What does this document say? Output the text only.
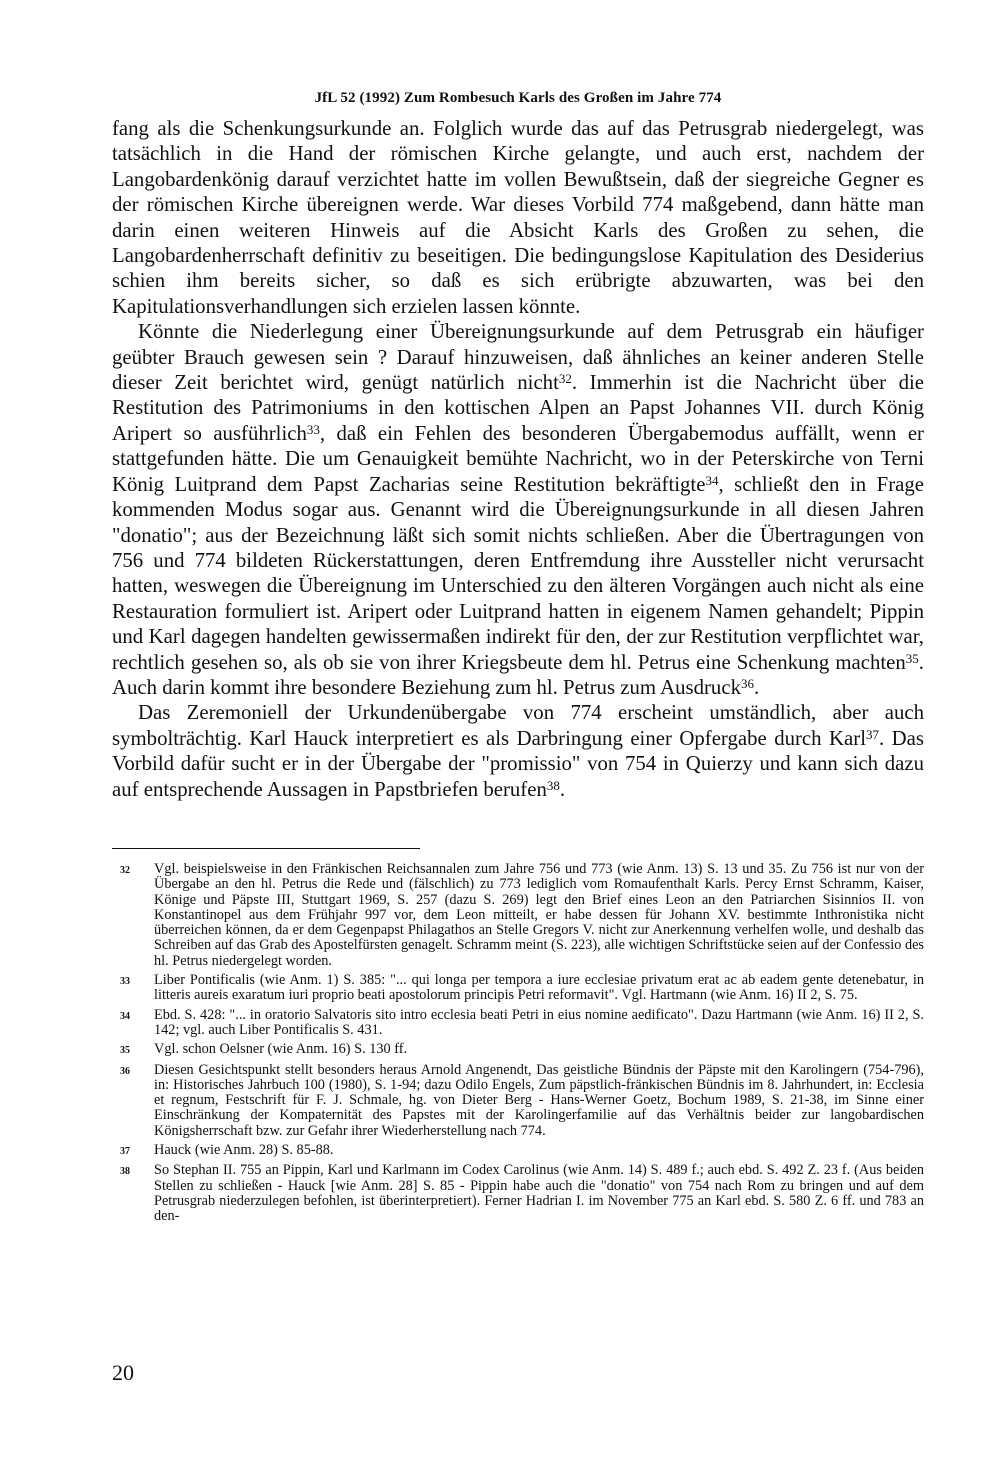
JfL 52 (1992) Zum Rombesuch Karls des Großen im Jahre 774

fang als die Schenkungsurkunde an. Folglich wurde das auf das Petrusgrab niedergelegt, was tatsächlich in die Hand der römischen Kirche gelangte, und auch erst, nachdem der Langobardenkönig darauf verzichtet hatte im vollen Bewußtsein, daß der siegreiche Gegner es der römischen Kirche übereignen werde. War dieses Vorbild 774 maßgebend, dann hätte man darin einen weiteren Hinweis auf die Absicht Karls des Großen zu sehen, die Langobardenherrschaft definitiv zu beseitigen. Die bedingungslose Kapitulation des Desiderius schien ihm bereits sicher, so daß es sich erübrigte abzuwarten, was bei den Kapitulationsverhandlungen sich erzielen lassen könnte.

Könnte die Niederlegung einer Übereignungsurkunde auf dem Petrusgrab ein häufiger geübter Brauch gewesen sein ? Darauf hinzuweisen, daß ähnliches an keiner anderen Stelle dieser Zeit berichtet wird, genügt natürlich nicht$^{32}$. Immerhin ist die Nachricht über die Restitution des Patrimoniums in den kottischen Alpen an Papst Johannes VII. durch König Aripert so ausführlich$^{33}$, daß ein Fehlen des besonderen Übergabemodus auffällt, wenn er stattgefunden hätte. Die um Genauigkeit bemühte Nachricht, wo in der Peterskirche von Terni König Luitprand dem Papst Zacharias seine Restitution bekräftigte$^{34}$, schließt den in Frage kommenden Modus sogar aus. Genannt wird die Übereignungsurkunde in all diesen Jahren "donatio"; aus der Bezeichnung läßt sich somit nichts schließen. Aber die Übertragungen von 756 und 774 bildeten Rückerstattungen, deren Entfremdung ihre Aussteller nicht verursacht hatten, weswegen die Übereignung im Unterschied zu den älteren Vorgängen auch nicht als eine Restauration formuliert ist. Aripert oder Luitprand hatten in eigenem Namen gehandelt; Pippin und Karl dagegen handelten gewissermaßen indirekt für den, der zur Restitution verpflichtet war, rechtlich gesehen so, als ob sie von ihrer Kriegsbeute dem hl. Petrus eine Schenkung machten$^{35}$. Auch darin kommt ihre besondere Beziehung zum hl. Petrus zum Ausdruck$^{36}$.

Das Zeremoniell der Urkundenübergabe von 774 erscheint umständlich, aber auch symbolträchtig. Karl Hauck interpretiert es als Darbringung einer Opfergabe durch Karl$^{37}$. Das Vorbild dafür sucht er in der Übergabe der "promissio" von 754 in Quierzy und kann sich dazu auf entsprechende Aussagen in Papstbriefen berufen$^{38}$.

32	Vgl. beispielsweise in den Fränkischen Reichsannalen zum Jahre 756 und 773 (wie Anm. 13) S. 13 und 35. Zu 756 ist nur von der Übergabe an den hl. Petrus die Rede und (fälschlich) zu 773 lediglich vom Romaufenthalt Karls. Percy Ernst Schramm, Kaiser, Könige und Päpste III, Stuttgart 1969, S. 257 (dazu S. 269) legt den Brief eines Leon an den Patriarchen Sisinnios II. von Konstantinopel aus dem Frühjahr 997 vor, dem Leon mitteilt, er habe dessen für Johann XV. bestimmte Inthronistika nicht überreichen können, da er dem Gegenpapst Philagathos an Stelle Gregors V. nicht zur Anerkennung verhelfen wolle, und deshalb das Schreiben auf das Grab des Apostelfürsten genagelt. Schramm meint (S. 223), alle wichtigen Schriftstücke seien auf der Confessio des hl. Petrus niedergelegt worden.
33	Liber Pontificalis (wie Anm. 1) S. 385: "... qui longa per tempora a iure ecclesiae privatum erat ac ab eadem gente detenebatur, in litteris aureis exaratum iuri proprio beati apostolorum principis Petri reformavit". Vgl. Hartmann (wie Anm. 16) II 2, S. 75.
34	Ebd. S. 428: "... in oratorio Salvatoris sito intro ecclesia beati Petri in eius nomine aedificato". Dazu Hartmann (wie Anm. 16) II 2, S. 142; vgl. auch Liber Pontificalis S. 431.
35	Vgl. schon Oelsner (wie Anm. 16) S. 130 ff.
36	Diesen Gesichtspunkt stellt besonders heraus Arnold Angenendt, Das geistliche Bündnis der Päpste mit den Karolingern (754-796), in: Historisches Jahrbuch 100 (1980), S. 1-94; dazu Odilo Engels, Zum päpstlich-fränkischen Bündnis im 8. Jahrhundert, in: Ecclesia et regnum, Festschrift für F. J. Schmale, hg. von Dieter Berg - Hans-Werner Goetz, Bochum 1989, S. 21-38, im Sinne einer Einschränkung der Kompaternität des Papstes mit der Karolingerfamilie auf das Verhältnis beider zur langobardischen Königsherrschaft bzw. zur Gefahr ihrer Wiederherstellung nach 774.
37	Hauck (wie Anm. 28) S. 85-88.
38	So Stephan II. 755 an Pippin, Karl und Karlmann im Codex Carolinus (wie Anm. 14) S. 489 f.; auch ebd. S. 492 Z. 23 f. (Aus beiden Stellen zu schließen - Hauck [wie Anm. 28] S. 85 - Pippin habe auch die "donatio" von 754 nach Rom zu bringen und auf dem Petrusgrab niederzulegen befohlen, ist überinterpretiert). Ferner Hadrian I. im November 775 an Karl ebd. S. 580 Z. 6 ff. und 783 an den-
20
